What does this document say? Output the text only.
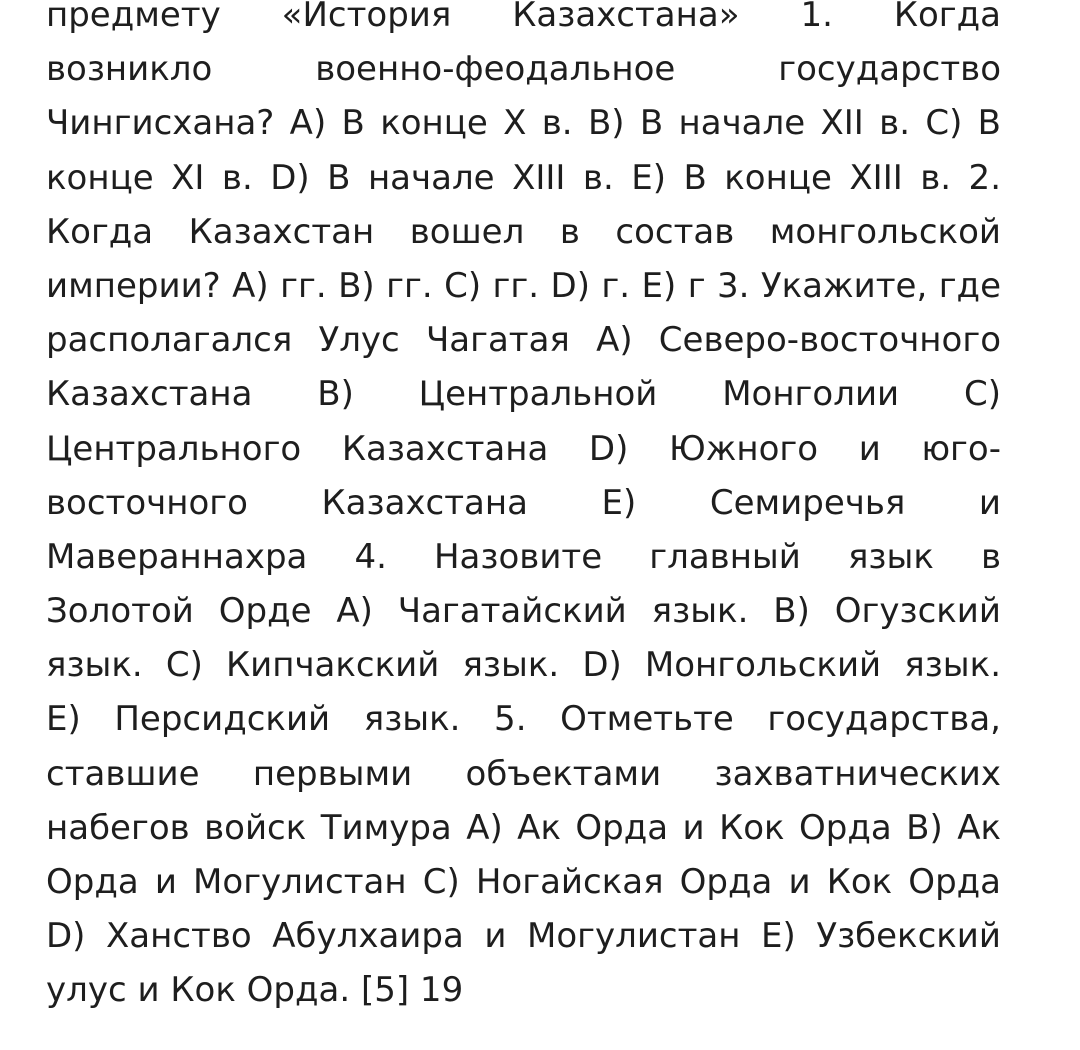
предмету «История Казахстана» 1. Когда
возникло военно-феодальное государство
Чингисхана? А) В конце X в. В) В начале XII в. С) В
конце XI в. D) В начале XIII в. Е) В конце XIII в. 2.
Когда Казахстан вошел в состав монгольской
империи? А) гг. В) гг. С) гг. D) г. Е) г 3. Укажите, где
располагался Улус Чагатая А) Северо-восточного
Казахстана В) Центральной Монголии С)
Центрального Казахстана D) Южного и юго-
восточного Казахстана Е) Семиречья и
Мавераннахра 4. Назовите главный язык в
Золотой Орде А) Чагатайский язык. В) Огузский
язык. С) Кипчакский язык. D) Монгольский язык.
Е) Персидский язык. 5. Отметьте государства,
ставшие первыми объектами захватнических
набегов войск Тимура А) Ак Орда и Кок Орда В) Ак
Орда и Могулистан С) Ногайская Орда и Кок Орда
D) Ханство Абулхаира и Могулистан Е) Узбекский
улус и Кок Орда. [5] 19
